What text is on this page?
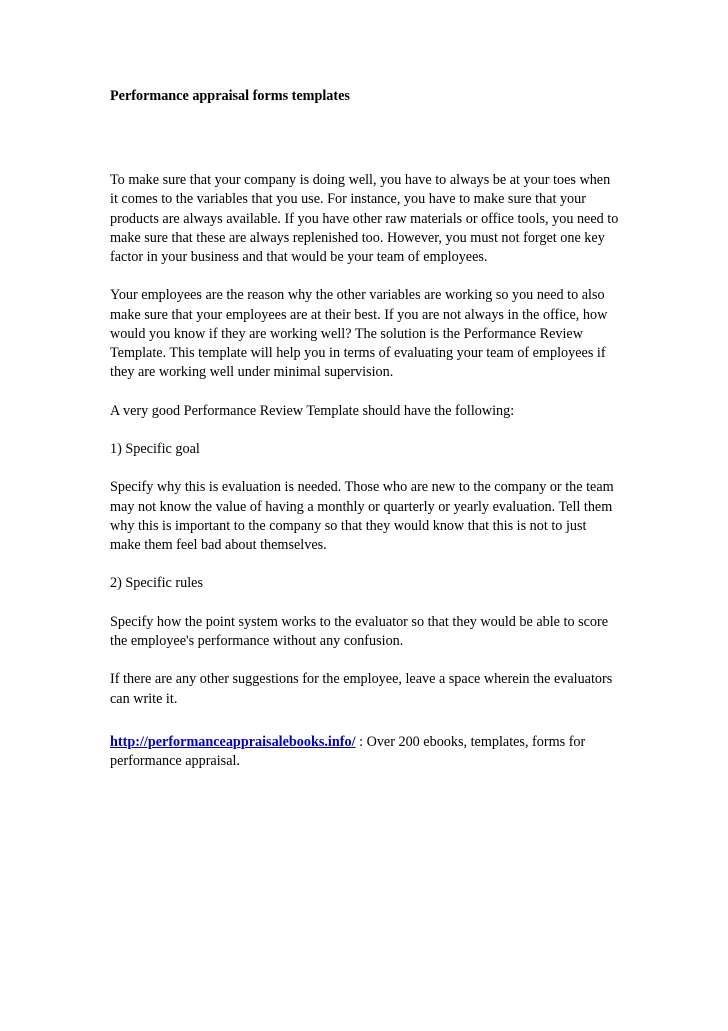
Performance appraisal forms templates

To make sure that your company is doing well, you have to always be at your toes when it comes to the variables that you use. For instance, you have to make sure that your products are always available. If you have other raw materials or office tools, you need to make sure that these are always replenished too. However, you must not forget one key factor in your business and that would be your team of employees.

Your employees are the reason why the other variables are working so you need to also make sure that your employees are at their best. If you are not always in the office, how would you know if they are working well? The solution is the Performance Review Template. This template will help you in terms of evaluating your team of employees if they are working well under minimal supervision.

A very good Performance Review Template should have the following:

1) Specific goal

Specify why this is evaluation is needed. Those who are new to the company or the team may not know the value of having a monthly or quarterly or yearly evaluation. Tell them why this is important to the company so that they would know that this is not to just make them feel bad about themselves.

2) Specific rules

Specify how the point system works to the evaluator so that they would be able to score the employee's performance without any confusion.

If there are any other suggestions for the employee, leave a space wherein the evaluators can write it.

http://performanceappraisalebooks.info/ : Over 200 ebooks, templates, forms for performance appraisal.
